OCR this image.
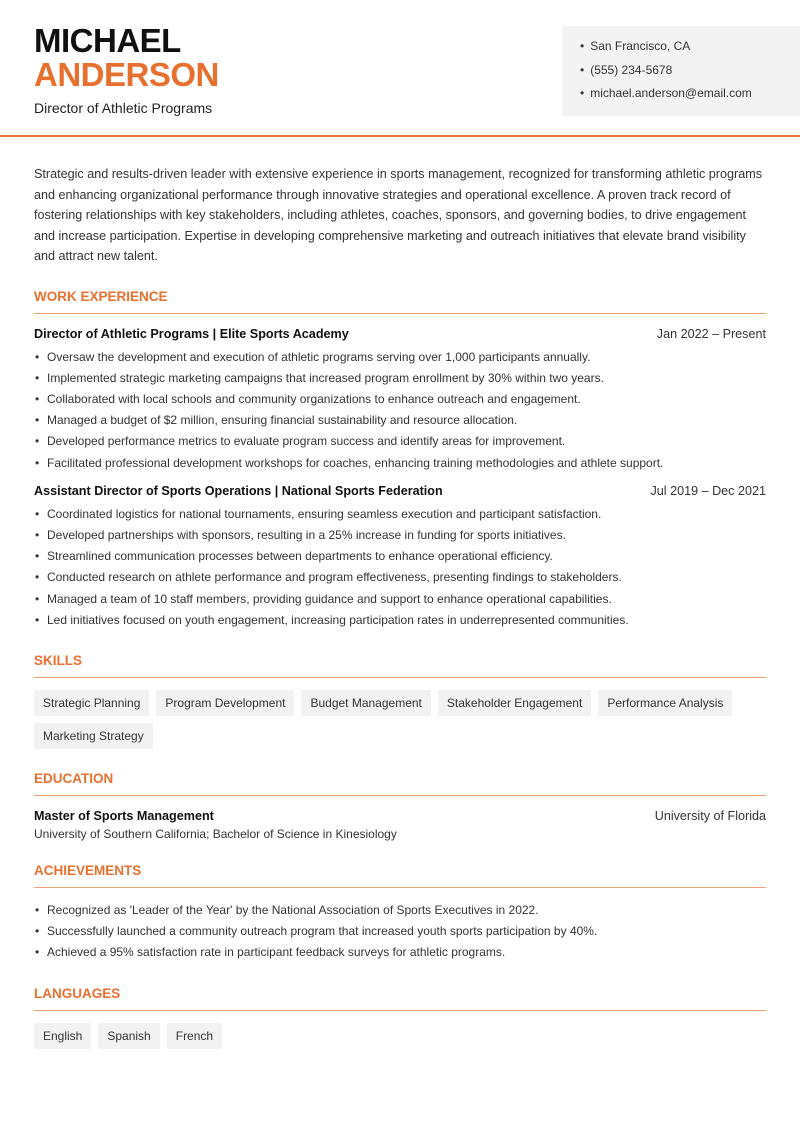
MICHAEL
ANDERSON
Director of Athletic Programs
• San Francisco, CA
• (555) 234-5678
• michael.anderson@email.com

Strategic and results-driven leader with extensive experience in sports management, recognized for transforming athletic programs and enhancing organizational performance through innovative strategies and operational excellence. A proven track record of fostering relationships with key stakeholders, including athletes, coaches, sponsors, and governing bodies, to drive engagement and increase participation. Expertise in developing comprehensive marketing and outreach initiatives that elevate brand visibility and attract new talent.

WORK EXPERIENCE
Director of Athletic Programs | Elite Sports Academy	Jan 2022 – Present
• Oversaw the development and execution of athletic programs serving over 1,000 participants annually.
• Implemented strategic marketing campaigns that increased program enrollment by 30% within two years.
• Collaborated with local schools and community organizations to enhance outreach and engagement.
• Managed a budget of $2 million, ensuring financial sustainability and resource allocation.
• Developed performance metrics to evaluate program success and identify areas for improvement.
• Facilitated professional development workshops for coaches, enhancing training methodologies and athlete support.
Assistant Director of Sports Operations | National Sports Federation	Jul 2019 – Dec 2021
• Coordinated logistics for national tournaments, ensuring seamless execution and participant satisfaction.
• Developed partnerships with sponsors, resulting in a 25% increase in funding for sports initiatives.
• Streamlined communication processes between departments to enhance operational efficiency.
• Conducted research on athlete performance and program effectiveness, presenting findings to stakeholders.
• Managed a team of 10 staff members, providing guidance and support to enhance operational capabilities.
• Led initiatives focused on youth engagement, increasing participation rates in underrepresented communities.
SKILLS
Strategic Planning	Program Development	Budget Management	Stakeholder Engagement	Performance Analysis
Marketing Strategy
EDUCATION
Master of Sports Management	University of Florida
University of Southern California; Bachelor of Science in Kinesiology
ACHIEVEMENTS
• Recognized as 'Leader of the Year' by the National Association of Sports Executives in 2022.
• Successfully launched a community outreach program that increased youth sports participation by 40%.
• Achieved a 95% satisfaction rate in participant feedback surveys for athletic programs.
LANGUAGES
English	Spanish	French
